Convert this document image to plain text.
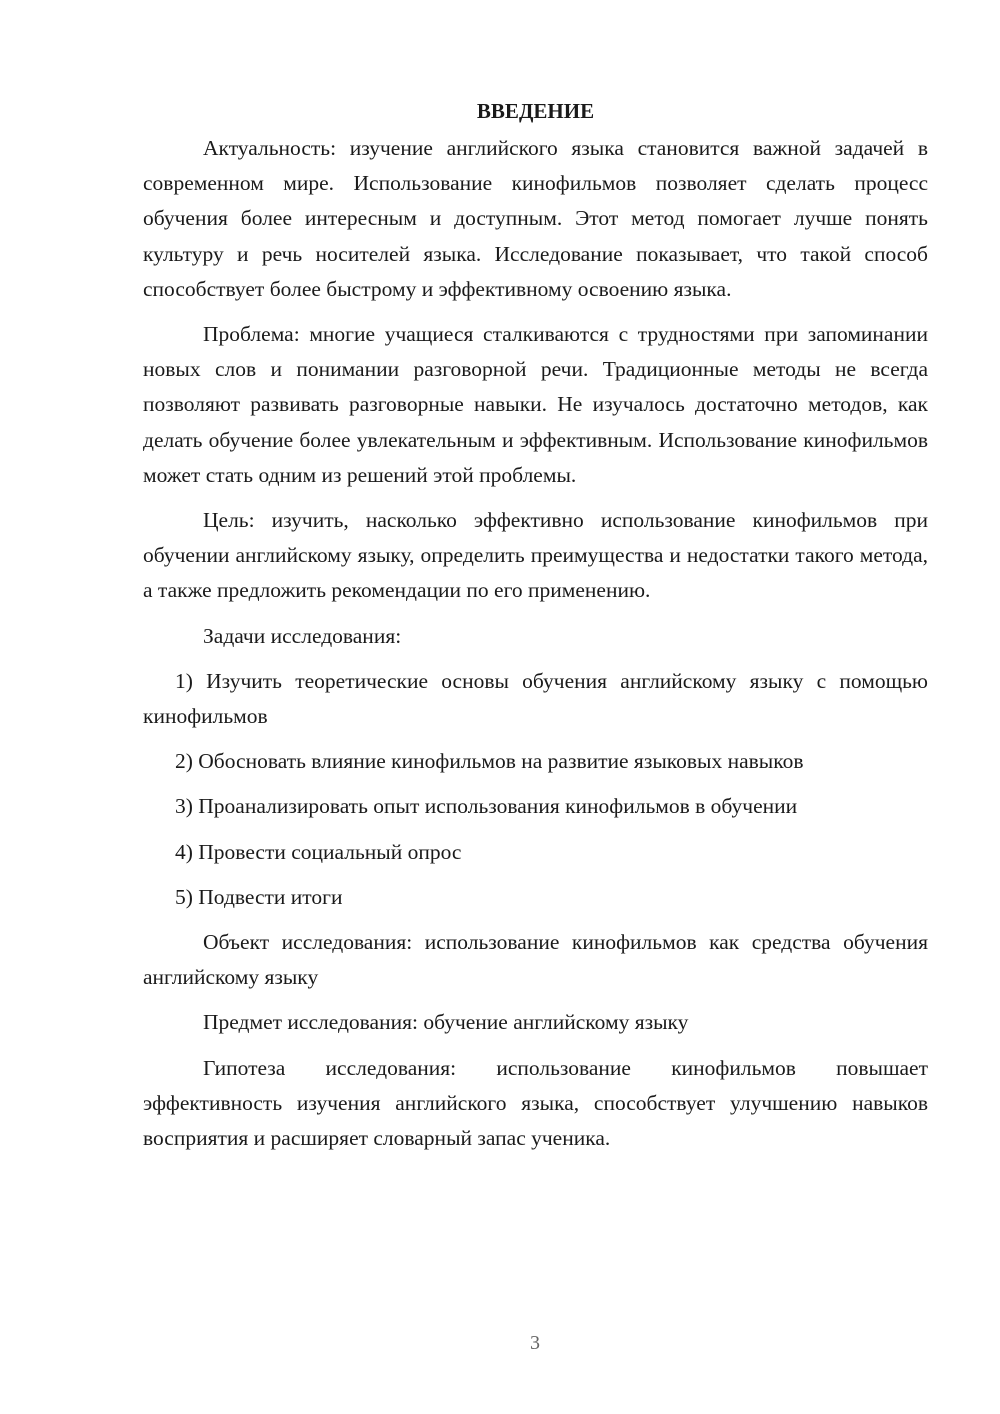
ВВЕДЕНИЕ

Актуальность: изучение английского языка становится важной задачей в современном мире. Использование кинофильмов позволяет сделать процесс обучения более интересным и доступным. Этот метод помогает лучше понять культуру и речь носителей языка. Исследование показывает, что такой способ способствует более быстрому и эффективному освоению языка.

Проблема: многие учащиеся сталкиваются с трудностями при запоминании новых слов и понимании разговорной речи. Традиционные методы не всегда позволяют развивать разговорные навыки. Не изучалось достаточно методов, как делать обучение более увлекательным и эффективным. Использование кинофильмов может стать одним из решений этой проблемы.

Цель: изучить, насколько эффективно использование кинофильмов при обучении английскому языку, определить преимущества и недостатки такого метода, а также предложить рекомендации по его применению.

Задачи исследования:

1) Изучить теоретические основы обучения английскому языку с помощью кинофильмов

2) Обосновать влияние кинофильмов на развитие языковых навыков

3) Проанализировать опыт использования кинофильмов в обучении

4) Провести социальный опрос

5) Подвести итоги

Объект исследования: использование кинофильмов как средства обучения английскому языку

Предмет исследования: обучение английскому языку

Гипотеза исследования: использование кинофильмов повышает эффективность изучения английского языка, способствует улучшению навыков восприятия и расширяет словарный запас ученика.

3
